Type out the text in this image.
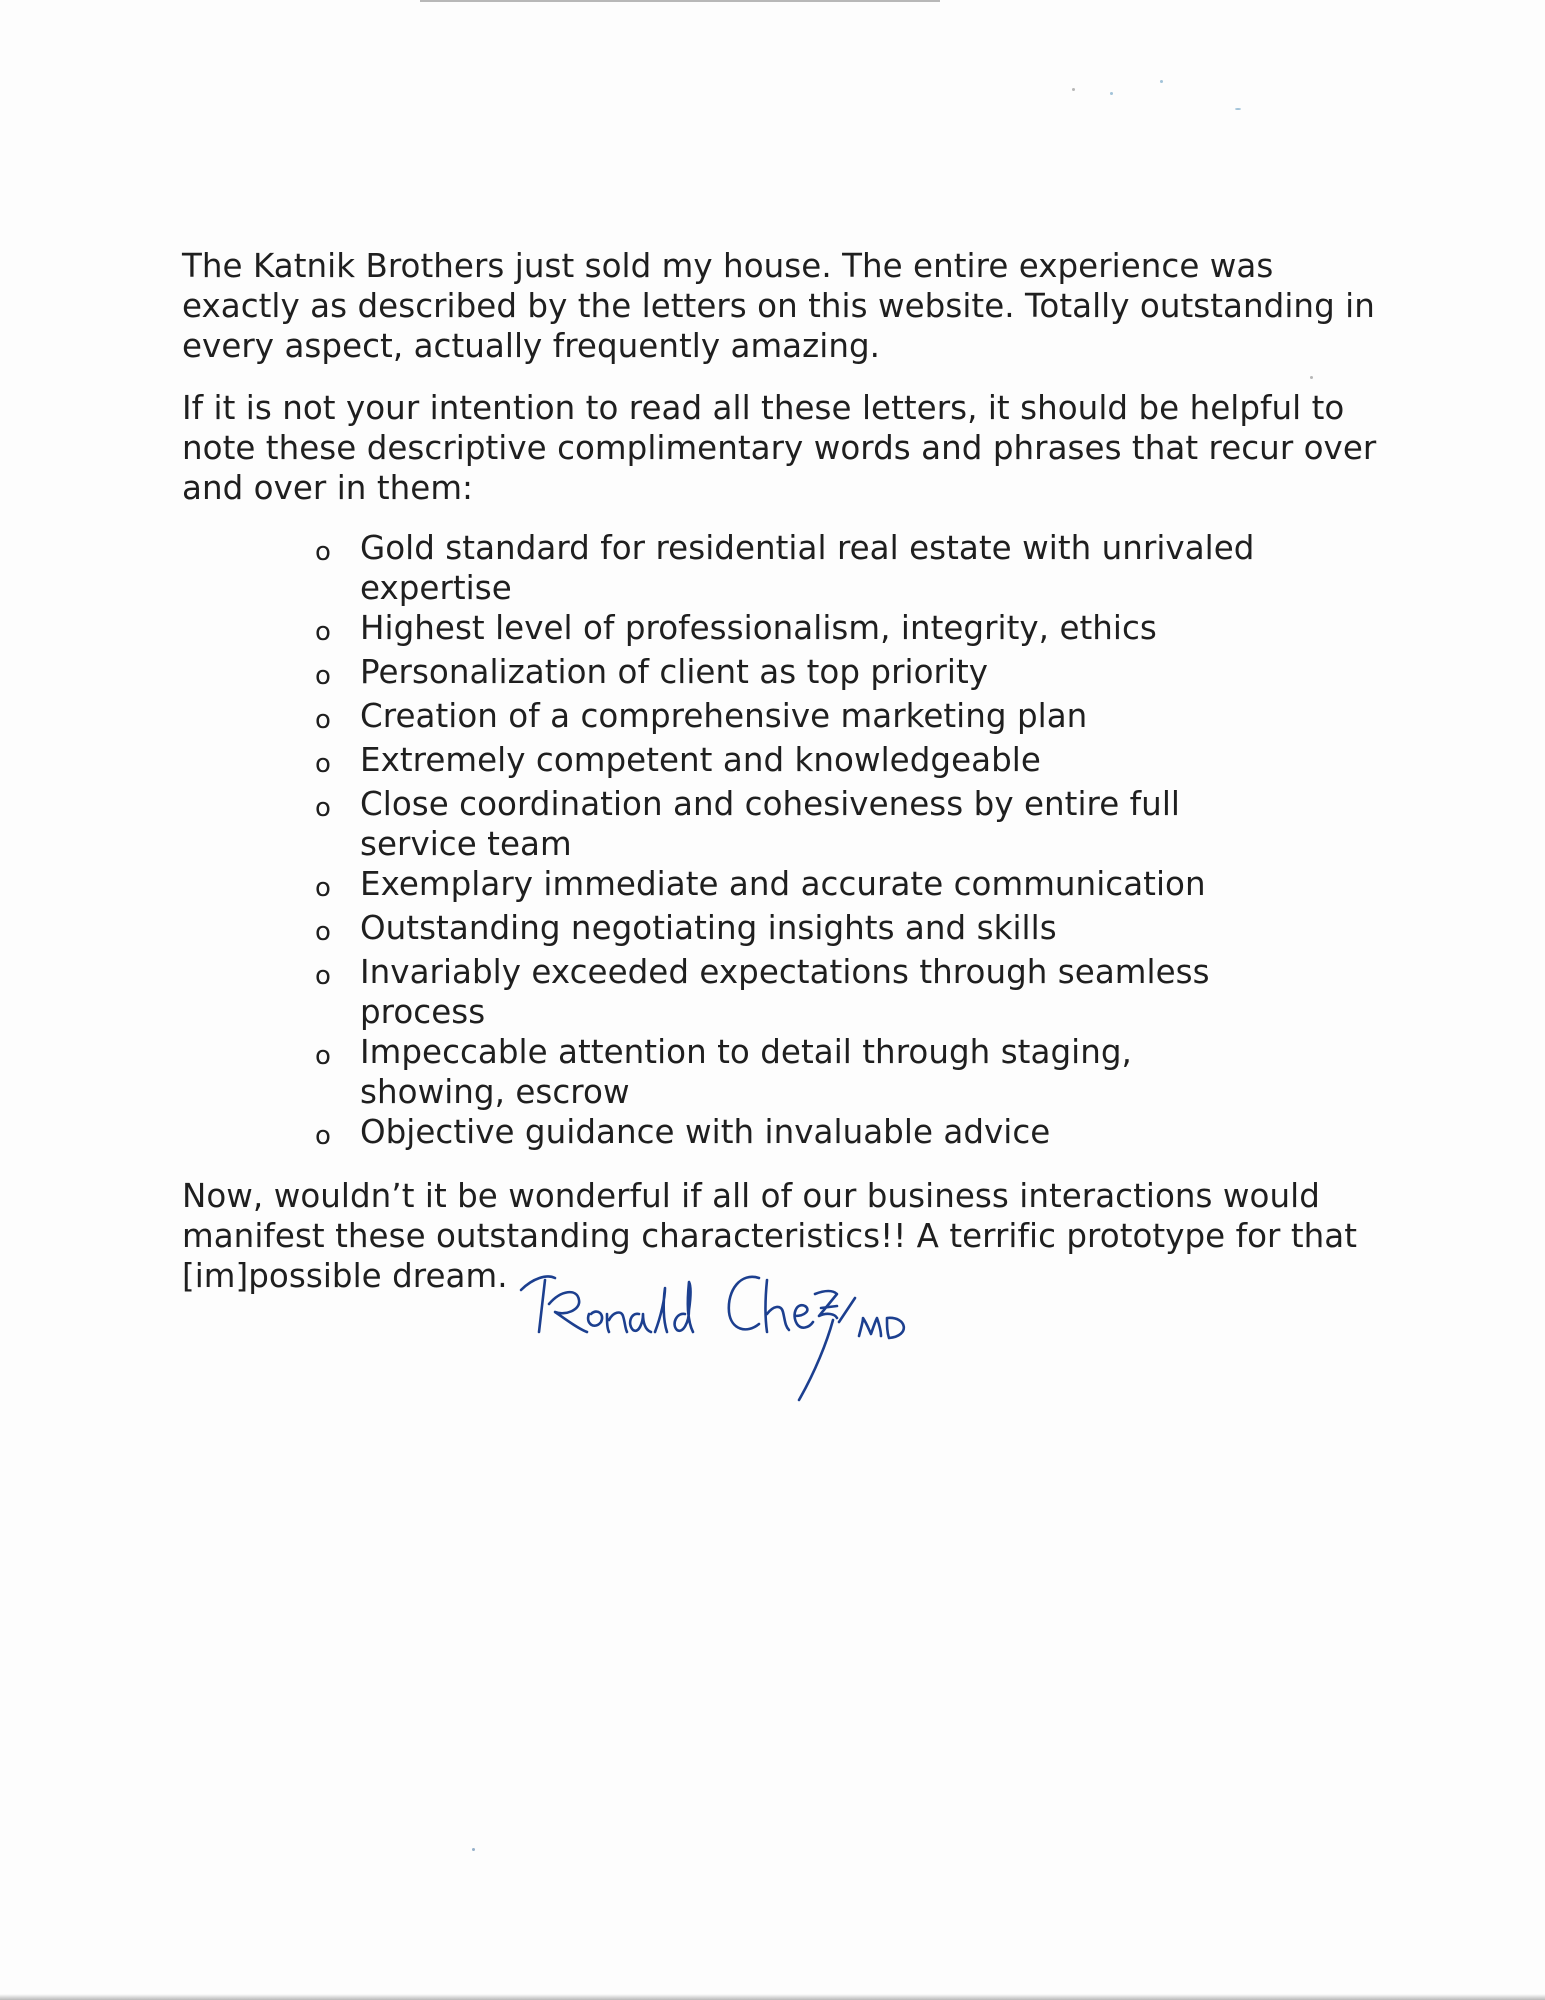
The Katnik Brothers just sold my house. The entire experience was exactly as described by the letters on this website. Totally outstanding in every aspect, actually frequently amazing.

If it is not your intention to read all these letters, it should be helpful to note these descriptive complimentary words and phrases that recur over and over in them:

o Gold standard for residential real estate with unrivaled expertise
o Highest level of professionalism, integrity, ethics
o Personalization of client as top priority
o Creation of a comprehensive marketing plan
o Extremely competent and knowledgeable
o Close coordination and cohesiveness by entire full service team
o Exemplary immediate and accurate communication
o Outstanding negotiating insights and skills
o Invariably exceeded expectations through seamless process
o Impeccable attention to detail through staging, showing, escrow
o Objective guidance with invaluable advice

Now, wouldn’t it be wonderful if all of our business interactions would manifest these outstanding characteristics!! A terrific prototype for that [im]possible dream.
